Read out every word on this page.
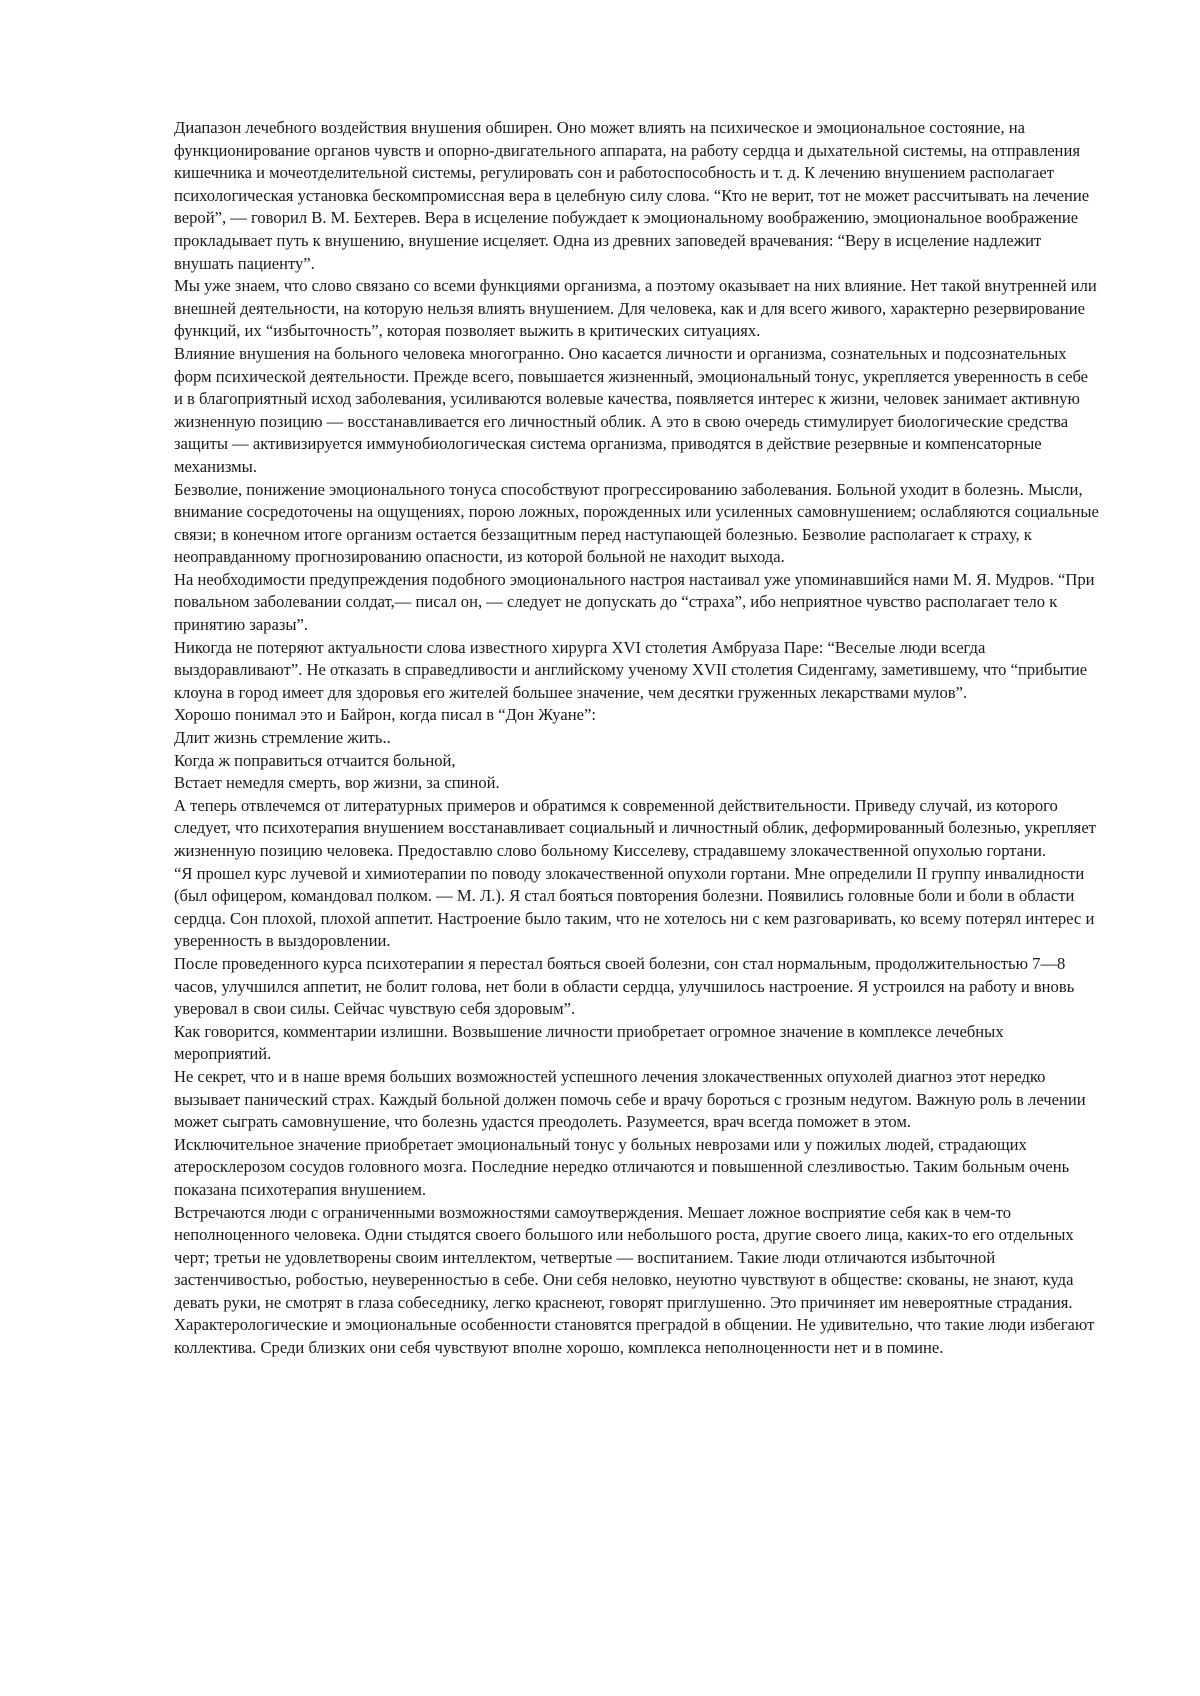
Диапазон лечебного воздействия внушения обширен. Оно может влиять на психическое и эмоциональное состояние, на функционирование органов чувств и опорно-двигательного аппарата, на работу сердца и дыхательной системы, на отправления кишечника и мочеотделительной системы, регулировать сон и работоспособность и т. д. К лечению внушением располагает психологическая установка бескомпромиссная вера в целебную силу слова. “Кто не верит, тот не может рассчитывать на лечение верой”, — говорил В. М. Бехтерев. Вера в исцеление побуждает к эмоциональному воображению, эмоциональное воображение прокладывает путь к внушению, внушение исцеляет. Одна из древних заповедей врачевания: “Веру в исцеление надлежит внушать пациенту”.

Мы уже знаем, что слово связано со всеми функциями организма, а поэтому оказывает на них влияние. Нет такой внутренней или внешней деятельности, на которую нельзя влиять внушением. Для человека, как и для всего живого, характерно резервирование функций, их “избыточность”, которая позволяет выжить в критических ситуациях.

Влияние внушения на больного человека многогранно. Оно касается личности и организма, сознательных и подсознательных форм психической деятельности. Прежде всего, повышается жизненный, эмоциональный тонус, укрепляется уверенность в себе и в благоприятный исход заболевания, усиливаются волевые качества, появляется интерес к жизни, человек занимает активную жизненную позицию — восстанавливается его личностный облик. А это в свою очередь стимулирует биологические средства защиты — активизируется иммунобиологическая система организма, приводятся в действие резервные и компенсаторные механизмы.

Безволие, понижение эмоционального тонуса способствуют прогрессированию заболевания. Больной уходит в болезнь. Мысли, внимание сосредоточены на ощущениях, порою ложных, порожденных или усиленных самовнушением; ослабляются социальные связи; в конечном итоге организм остается беззащитным перед наступающей болезнью. Безволие располагает к страху, к неоправданному прогнозированию опасности, из которой больной не находит выхода.

На необходимости предупреждения подобного эмоционального настроя настаивал уже упоминавшийся нами М. Я. Мудров. “При повальном заболевании солдат,— писал он, — следует не допускать до “страха”, ибо неприятное чувство располагает тело к принятию заразы”.

Никогда не потеряют актуальности слова известного хирурга XVI столетия Амбруаза Паре: “Веселые люди всегда выздоравливают”. Не отказать в справедливости и английскому ученому XVII столетия Сиденгаму, заметившему, что “прибытие клоуна в город имеет для здоровья его жителей большее значение, чем десятки груженных лекарствами мулов”.

Хорошо понимал это и Байрон, когда писал в “Дон Жуане”:

Длит жизнь стремление жить..

Когда ж поправиться отчаится больной,

Встает немедля смерть, вор жизни, за спиной.

А теперь отвлечемся от литературных примеров и обратимся к современной действительности. Приведу случай, из которого следует, что психотерапия внушением восстанавливает социальный и личностный облик, деформированный болезнью, укрепляет жизненную позицию человека. Предоставлю слово больному Кисселеву, страдавшему злокачественной опухолью гортани.

“Я прошел курс лучевой и химиотерапии по поводу злокачественной опухоли гортани. Мне определили II группу инвалидности (был офицером, командовал полком. — М. Л.). Я стал бояться повторения болезни. Появились головные боли и боли в области сердца. Сон плохой, плохой аппетит. Настроение было таким, что не хотелось ни с кем разговаривать, ко всему потерял интерес и уверенность в выздоровлении.

После проведенного курса психотерапии я перестал бояться своей болезни, сон стал нормальным, продолжительностью 7—8 часов, улучшился аппетит, не болит голова, нет боли в области сердца, улучшилось настроение. Я устроился на работу и вновь уверовал в свои силы. Сейчас чувствую себя здоровым”.

Как говорится, комментарии излишни. Возвышение личности приобретает огромное значение в комплексе лечебных мероприятий.

Не секрет, что и в наше время больших возможностей успешного лечения злокачественных опухолей диагноз этот нередко вызывает панический страх. Каждый больной должен помочь себе и врачу бороться с грозным недугом. Важную роль в лечении может сыграть самовнушение, что болезнь удастся преодолеть. Разумеется, врач всегда поможет в этом.

Исключительное значение приобретает эмоциональный тонус у больных неврозами или у пожилых людей, страдающих атеросклерозом сосудов головного мозга. Последние нередко отличаются и повышенной слезливостью. Таким больным очень показана психотерапия внушением.

Встречаются люди с ограниченными возможностями самоутверждения. Мешает ложное восприятие себя как в чем-то неполноценного человека. Одни стыдятся своего большого или небольшого роста, другие своего лица, каких-то его отдельных черт; третьи не удовлетворены своим интеллектом, четвертые — воспитанием. Такие люди отличаются избыточной застенчивостью, робостью, неуверенностью в себе. Они себя неловко, неуютно чувствуют в обществе: скованы, не знают, куда девать руки, не смотрят в глаза собеседнику, легко краснеют, говорят приглушенно. Это причиняет им невероятные страдания.

Характерологические и эмоциональные особенности становятся преградой в общении. Не удивительно, что такие люди избегают коллектива. Среди близких они себя чувствуют вполне хорошо, комплекса неполноценности нет и в помине.
